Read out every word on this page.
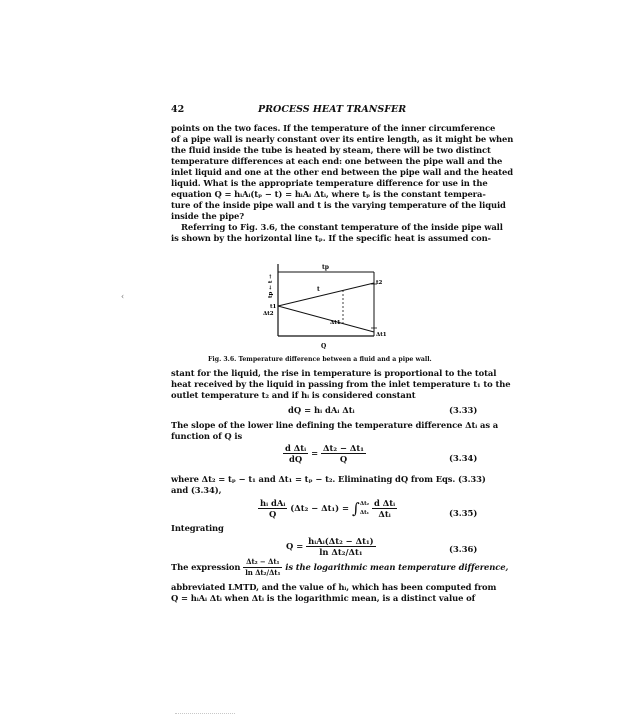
42	PROCESS HEAT TRANSFER
points on the two faces. If the temperature of the inner circumference
of a pipe wall is nearly constant over its entire length, as it might be when
the fluid inside the tube is heated by steam, there will be two distinct
temperature differences at each end: one between the pipe wall and the
inlet liquid and one at the other end between the pipe wall and the heated
liquid. What is the appropriate temperature difference for use in the
equation Q = hᵢAᵢ(tₚ − t) = hᵢAᵢ Δtᵢ, where tₚ is the constant tempera-
ture of the inside pipe wall and t is the varying temperature of the liquid
inside the pipe?
Referring to Fig. 3.6, the constant temperature of the inside pipe wall
is shown by the horizontal line tₚ. If the specific heat is assumed con-
tp
t2
t1
t
Δt2
Δt1
Δt1
Q
tp ← t →
Fig. 3.6. Temperature difference between a fluid and a pipe wall.
stant for the liquid, the rise in temperature is proportional to the total
heat received by the liquid in passing from the inlet temperature t₁ to the
outlet temperature t₂ and if hᵢ is considered constant
dQ = hᵢ dAᵢ Δtᵢ	(3.33)
The slope of the lower line defining the temperature difference Δtᵢ as a
function of Q is
$\frac{\text{d Δtᵢ}}{dQ} = \frac{\text{Δt₂ − Δt₁}}{Q}$	(3.34)
where Δt₂ = tₚ − t₁ and Δt₁ = tₚ − t₂. Eliminating dQ from Eqs. (3.33)
and (3.34),
$\frac{\text{hᵢ dAᵢ}}{Q} (\Delta t_2 - \Delta t_1)$ = ∫ Δt₂
Δt₁
$\frac{\text{d Δtᵢ}}{\text{Δtᵢ}}$	(3.35)
Integrating
$Q = \frac{\text{hᵢAᵢ(Δt₂ − Δt₁)}}{\text{ln Δt₂/Δt₁}}$	(3.36)
The expression $\frac{\text{Δt₂ − Δt₁}}{\text{ln Δt₂/Δt₁}}$ is the logarithmic mean temperature difference,
abbreviated LMTD, and the value of hᵢ, which has been computed from
Q = hᵢAᵢ Δtᵢ when Δtᵢ is the logarithmic mean, is a distinct value of
‹
